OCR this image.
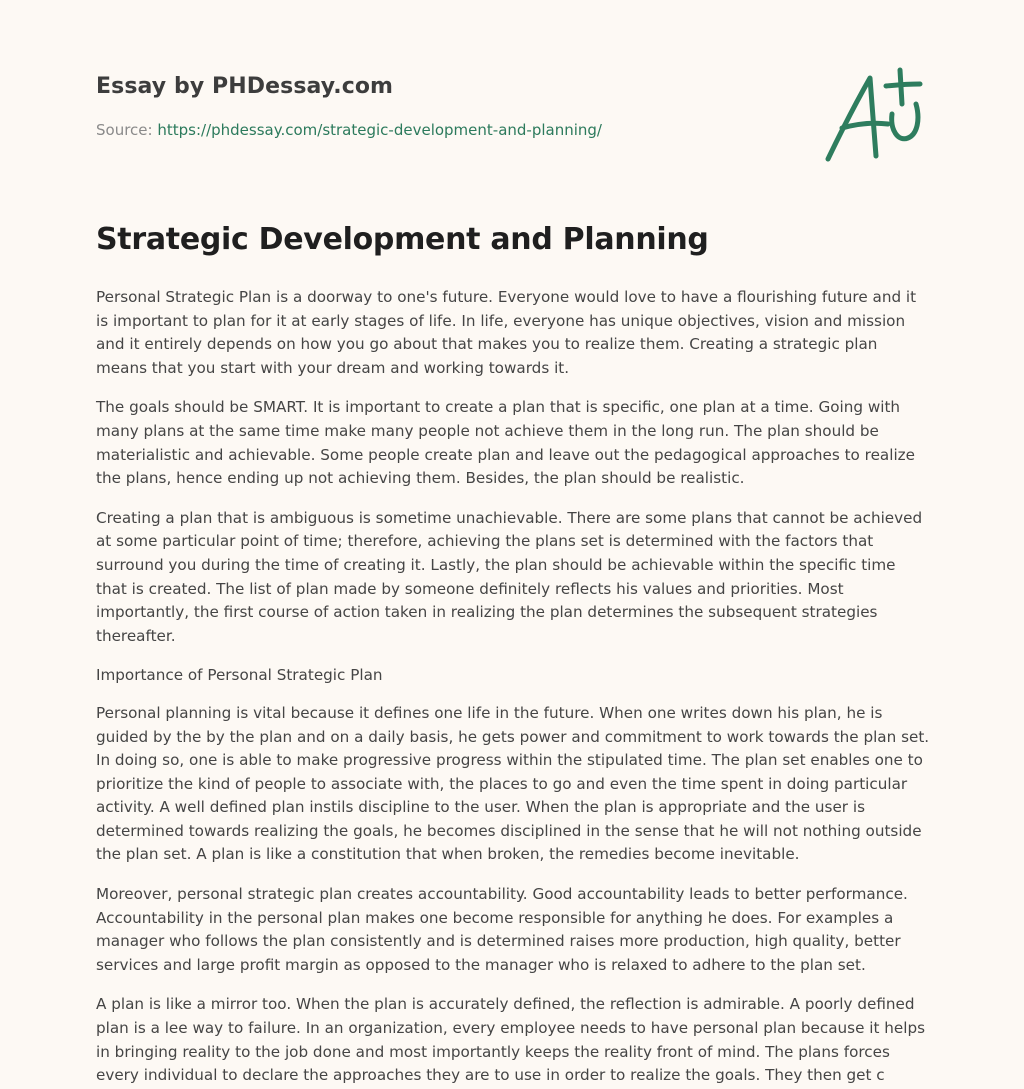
Essay by PHDessay.com
Source: https://phdessay.com/strategic-development-and-planning/
Strategic Development and Planning

Personal Strategic Plan is a doorway to one's future. Everyone would love to have a flourishing future and it is important to plan for it at early stages of life. In life, everyone has unique objectives, vision and mission and it entirely depends on how you go about that makes you to realize them. Creating a strategic plan means that you start with your dream and working towards it.

The goals should be SMART. It is important to create a plan that is specific, one plan at a time. Going with many plans at the same time make many people not achieve them in the long run. The plan should be materialistic and achievable. Some people create plan and leave out the pedagogical approaches to realize the plans, hence ending up not achieving them. Besides, the plan should be realistic.

Creating a plan that is ambiguous is sometime unachievable. There are some plans that cannot be achieved at some particular point of time; therefore, achieving the plans set is determined with the factors that surround you during the time of creating it. Lastly, the plan should be achievable within the specific time that is created. The list of plan made by someone definitely reflects his values and priorities. Most importantly, the first course of action taken in realizing the plan determines the subsequent strategies thereafter.

Importance of Personal Strategic Plan

Personal planning is vital because it defines one life in the future. When one writes down his plan, he is guided by the by the plan and on a daily basis, he gets power and commitment to work towards the plan set. In doing so, one is able to make progressive progress within the stipulated time. The plan set enables one to prioritize the kind of people to associate with, the places to go and even the time spent in doing particular activity. A well defined plan instils discipline to the user. When the plan is appropriate and the user is determined towards realizing the goals, he becomes disciplined in the sense that he will not nothing outside the plan set. A plan is like a constitution that when broken, the remedies become inevitable.

Moreover, personal strategic plan creates accountability. Good accountability leads to better performance. Accountability in the personal plan makes one become responsible for anything he does. For examples a manager who follows the plan consistently and is determined raises more production, high quality, better services and large profit margin as opposed to the manager who is relaxed to adhere to the plan set.

A plan is like a mirror too. When the plan is accurately defined, the reflection is admirable. A poorly defined plan is a lee way to failure. In an organization, every employee needs to have personal plan because it helps in bringing reality to the job done and most importantly keeps the reality front of mind. The plans forces every individual to declare the approaches they are to use in order to realize the goals. They then get c
